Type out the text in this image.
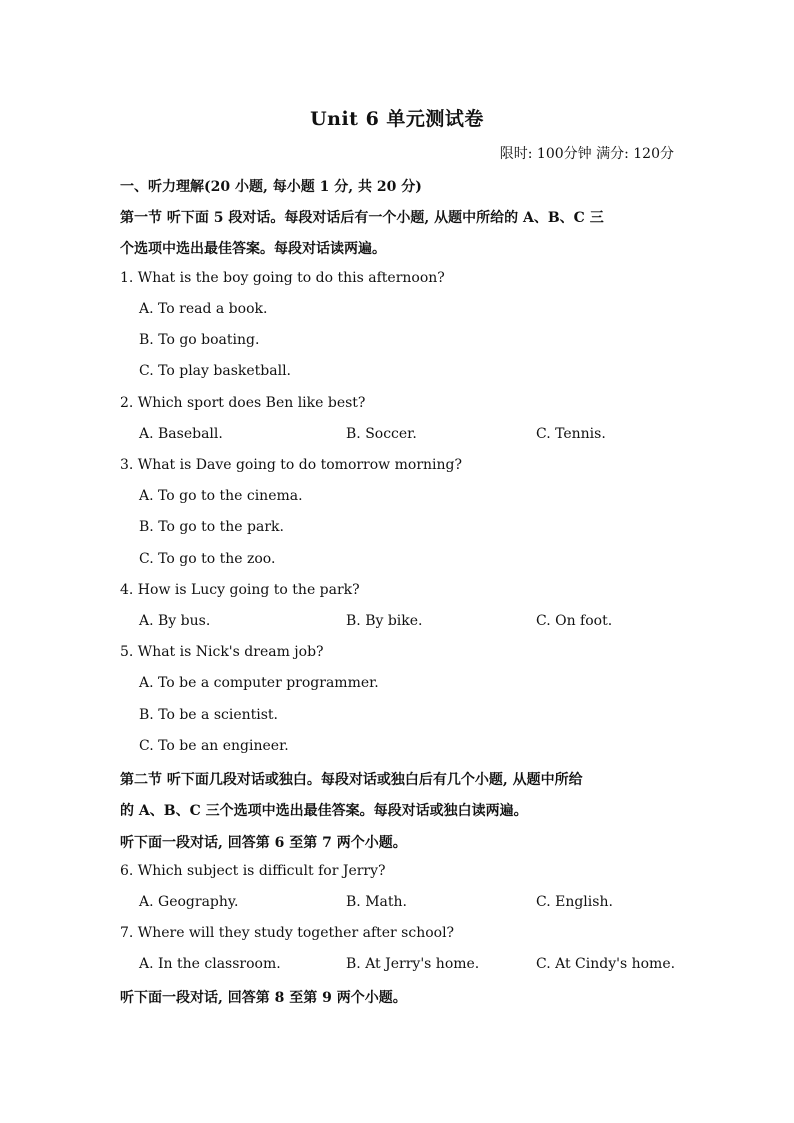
Unit 6 单元测试卷
限时: 100分钟 满分: 120分
一、听力理解(20 小题, 每小题 1 分, 共 20 分)
第一节 听下面 5 段对话。每段对话后有一个小题, 从题中所给的 A、B、C 三
个选项中选出最佳答案。每段对话读两遍。
1. What is the boy going to do this afternoon?
A. To read a book.
B. To go boating.
C. To play basketball.
2. Which sport does Ben like best?
A. Baseball.	B. Soccer.	C. Tennis.
3. What is Dave going to do tomorrow morning?
A. To go to the cinema.
B. To go to the park.
C. To go to the zoo.
4. How is Lucy going to the park?
A. By bus.	B. By bike.	C. On foot.
5. What is Nick's dream job?
A. To be a computer programmer.
B. To be a scientist.
C. To be an engineer.
第二节 听下面几段对话或独白。每段对话或独白后有几个小题, 从题中所给
的 A、B、C 三个选项中选出最佳答案。每段对话或独白读两遍。
听下面一段对话, 回答第 6 至第 7 两个小题。
6. Which subject is difficult for Jerry?
A. Geography.	B. Math.	C. English.
7. Where will they study together after school?
A. In the classroom.	B. At Jerry's home.	C. At Cindy's home.
听下面一段对话, 回答第 8 至第 9 两个小题。
